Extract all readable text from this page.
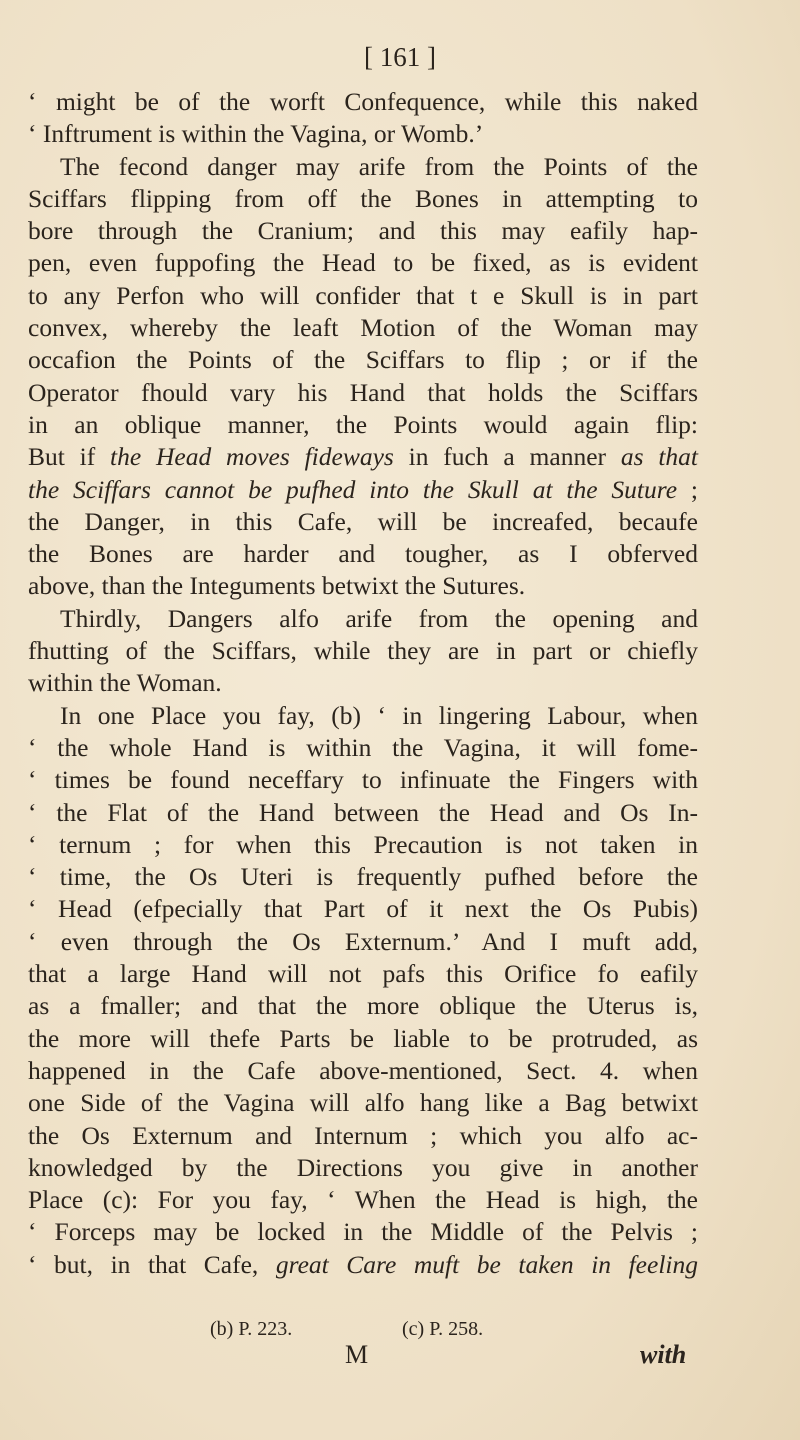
[ 161 ]
‘ might be of the worft Confequence, while this naked
‘ Inftrument is within the Vagina, or Womb.’
The fecond danger may arife from the Points of the
Sciffars flipping from off the Bones in attempting to
bore through the Cranium; and this may eafily hap-
pen, even fuppofing the Head to be fixed, as is evident
to any Perfon who will confider that t e Skull is in part
convex, whereby the leaft Motion of the Woman may
occafion the Points of the Sciffars to flip ; or if the
Operator fhould vary his Hand that holds the Sciffars
in an oblique manner, the Points would again flip:
But if the Head moves fideways in fuch a manner as that
the Sciffars cannot be pufhed into the Skull at the Suture ;
the Danger, in this Cafe, will be increafed, becaufe
the Bones are harder and tougher, as I obferved
above, than the Integuments betwixt the Sutures.
Thirdly, Dangers alfo arife from the opening and
fhutting of the Sciffars, while they are in part or chiefly
within the Woman.
In one Place you fay, (b) ‘ in lingering Labour, when
‘ the whole Hand is within the Vagina, it will fome-
‘ times be found neceffary to infinuate the Fingers with
‘ the Flat of the Hand between the Head and Os In-
‘ ternum ; for when this Precaution is not taken in
‘ time, the Os Uteri is frequently pufhed before the
‘ Head (efpecially that Part of it next the Os Pubis)
‘ even through the Os Externum.’ And I muft add,
that a large Hand will not pafs this Orifice fo eafily
as a fmaller; and that the more oblique the Uterus is,
the more will thefe Parts be liable to be protruded, as
happened in the Cafe above-mentioned, Sect. 4. when
one Side of the Vagina will alfo hang like a Bag betwixt
the Os Externum and Internum ; which you alfo ac-
knowledged by the Directions you give in another
Place (c): For you fay, ‘ When the Head is high, the
‘ Forceps may be locked in the Middle of the Pelvis ;
‘ but, in that Cafe, great Care muft be taken in feeling
(b) P. 223.	(c) P. 258.
M	with
